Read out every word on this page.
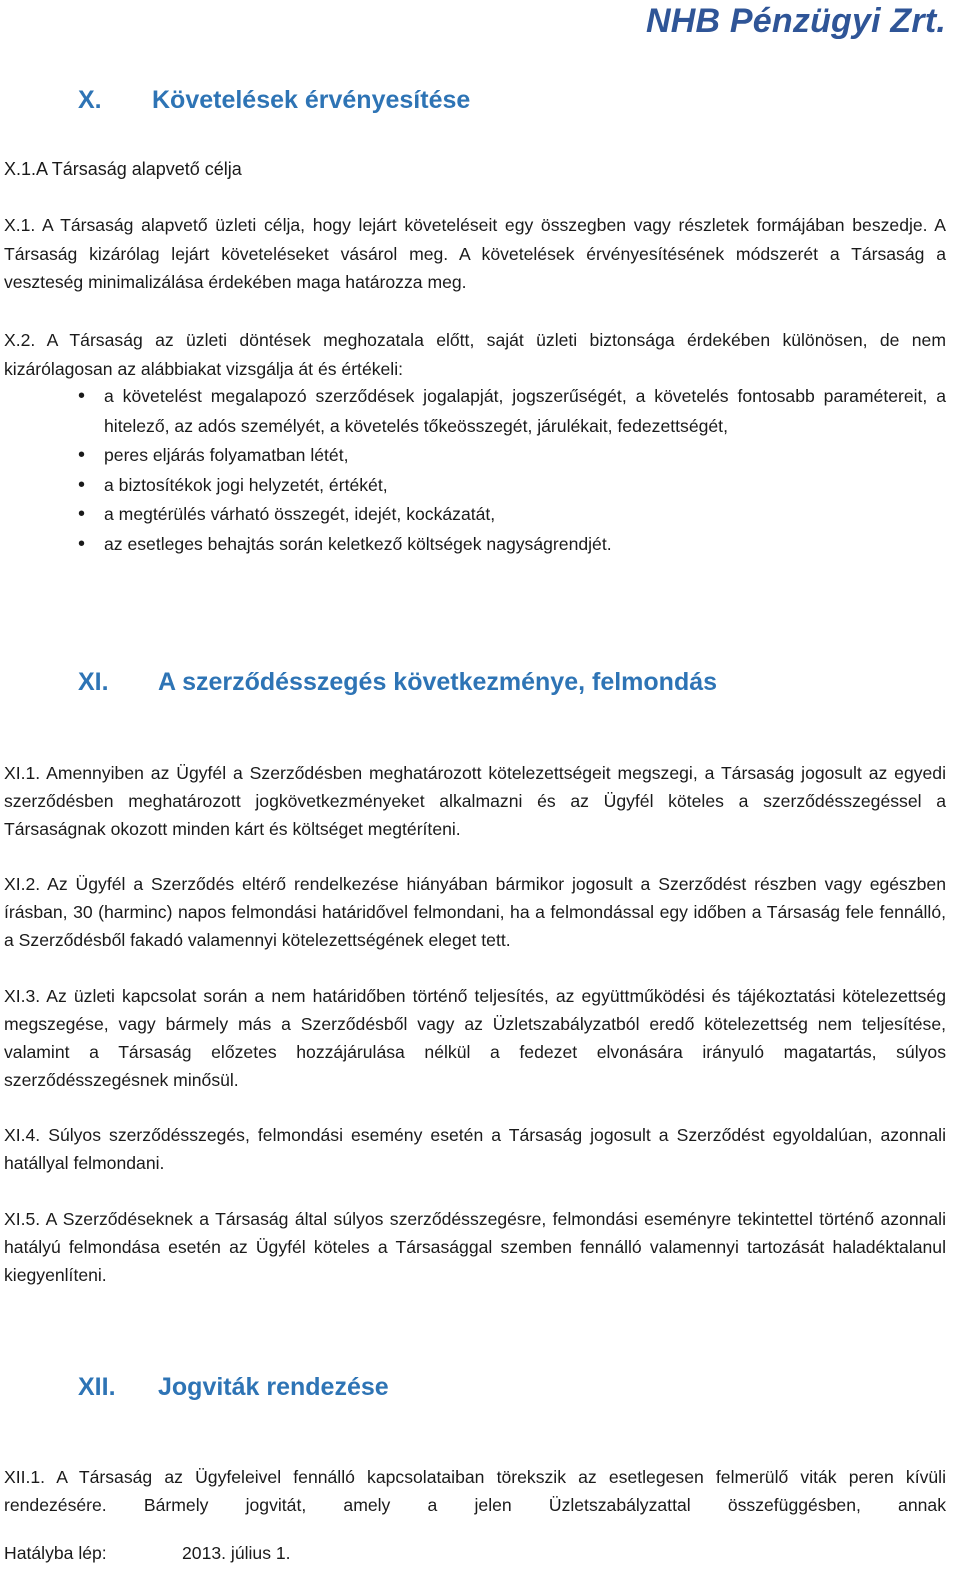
NHB Pénzügyi Zrt.
X. Követelések érvényesítése
X.1.A Társaság alapvető célja

X.1. A Társaság alapvető üzleti célja, hogy lejárt követeléseit egy összegben vagy részletek formájában beszedje. A Társaság kizárólag lejárt követeléseket vásárol meg. A követelések érvényesítésének módszerét a Társaság a veszteség minimalizálása érdekében maga határozza meg.

X.2. A Társaság az üzleti döntések meghozatala előtt, saját üzleti biztonsága érdekében különösen, de nem kizárólagosan az alábbiakat vizsgálja át és értékeli:

• a követelést megalapozó szerződések jogalapját, jogszerűségét, a követelés fontosabb paramétereit, a hitelező, az adós személyét, a követelés tőkeösszegét, járulékait, fedezettségét,
• peres eljárás folyamatban létét,
• a biztosítékok jogi helyzetét, értékét,
• a megtérülés várható összegét, idejét, kockázatát,
• az esetleges behajtás során keletkező költségek nagyságrendjét.
XI. A szerződésszegés következménye, felmondás

XI.1. Amennyiben az Ügyfél a Szerződésben meghatározott kötelezettségeit megszegi, a Társaság jogosult az egyedi szerződésben meghatározott jogkövetkezményeket alkalmazni és az Ügyfél köteles a szerződésszegéssel a Társaságnak okozott minden kárt és költséget megtéríteni.

XI.2. Az Ügyfél a Szerződés eltérő rendelkezése hiányában bármikor jogosult a Szerződést részben vagy egészben írásban, 30 (harminc) napos felmondási határidővel felmondani, ha a felmondással egy időben a Társaság fele fennálló, a Szerződésből fakadó valamennyi kötelezettségének eleget tett.

XI.3. Az üzleti kapcsolat során a nem határidőben történő teljesítés, az együttműködési és tájékoztatási kötelezettség megszegése, vagy bármely más a Szerződésből vagy az Üzletszabályzatból eredő kötelezettség nem teljesítése, valamint a Társaság előzetes hozzájárulása nélkül a fedezet elvonására irányuló magatartás, súlyos szerződésszegésnek minősül.

XI.4. Súlyos szerződésszegés, felmondási esemény esetén a Társaság jogosult a Szerződést egyoldalúan, azonnali hatállyal felmondani.

XI.5. A Szerződéseknek a Társaság által súlyos szerződésszegésre, felmondási eseményre tekintettel történő azonnali hatályú felmondása esetén az Ügyfél köteles a Társasággal szemben fennálló valamennyi tartozását haladéktalanul kiegyenlíteni.

XII. Jogviták rendezése

XII.1. A Társaság az Ügyfeleivel fennálló kapcsolataiban törekszik az esetlegesen felmerülő viták peren kívüli rendezésére. Bármely jogvitát, amely a jelen Üzletszabályzattal összefüggésben, annak

Hatályba lép:	2013. július 1.
